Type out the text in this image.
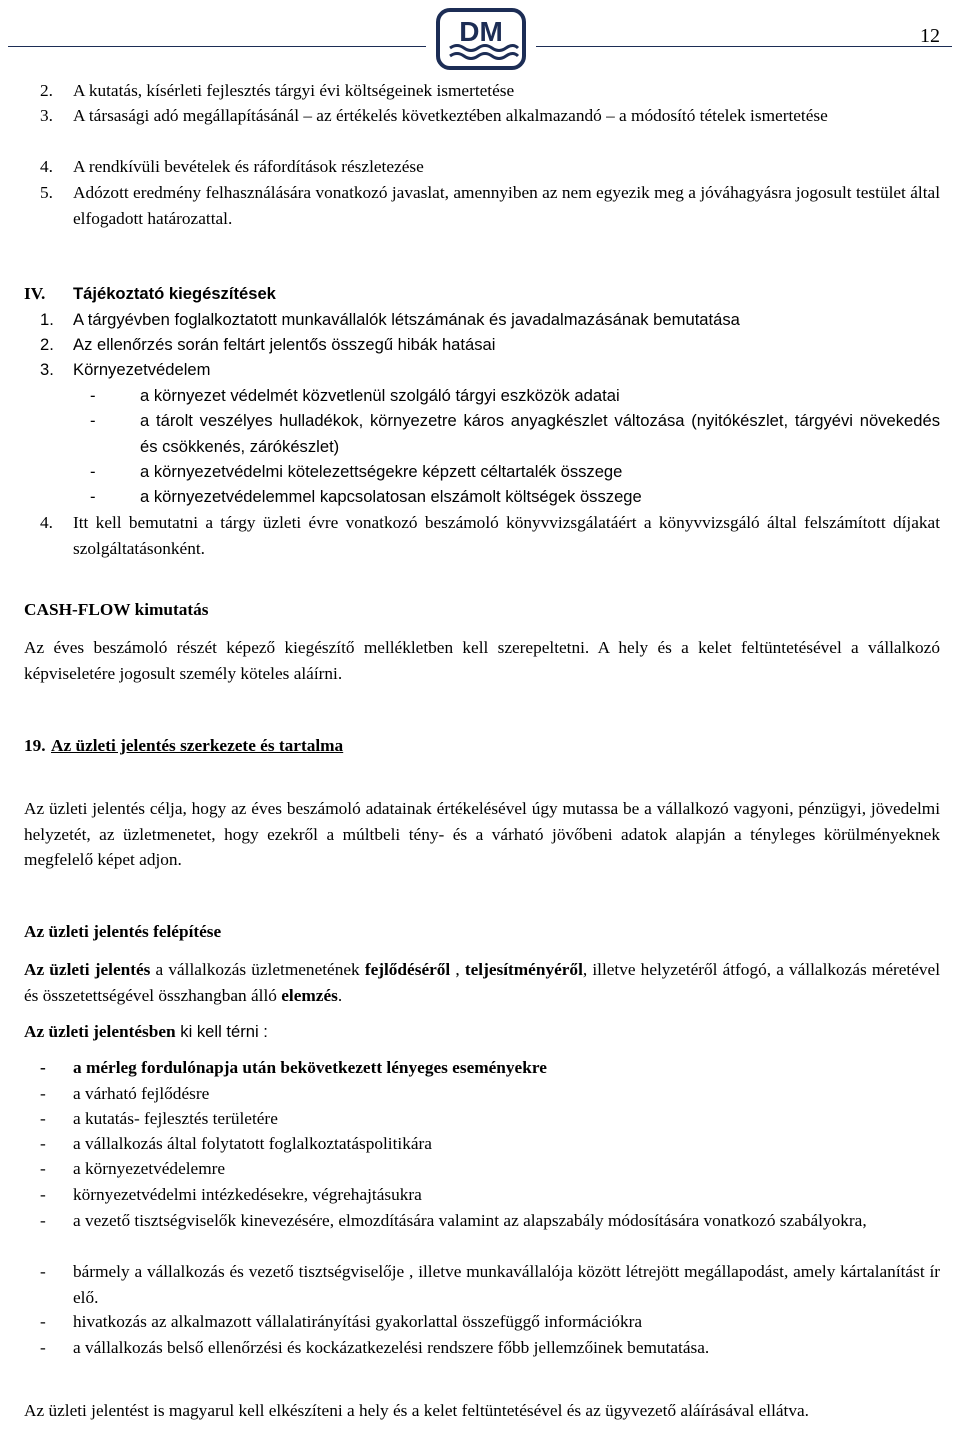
DM	12
2. A kutatás, kísérleti fejlesztés tárgyi évi költségeinek ismertetése
3. A társasági adó megállapításánál – az értékelés következtében alkalmazandó – a módosító tételek ismertetése
4. A rendkívüli bevételek és ráfordítások részletezése
5. Adózott eredmény felhasználására vonatkozó javaslat, amennyiben az nem egyezik meg a jóváhagyásra jogosult testület által elfogadott határozattal.
IV. Tájékoztató kiegészítések
1. A tárgyévben foglalkoztatott munkavállalók létszámának és javadalmazásának bemutatása
2. Az ellenőrzés során feltárt jelentős összegű hibák hatásai
3. Környezetvédelem
-	a környezet védelmét közvetlenül szolgáló tárgyi eszközök adatai
-	a tárolt veszélyes hulladékok, környezetre káros anyagkészlet változása (nyitókészlet, tárgyévi növekedés és csökkenés, zárókészlet)
-	a környezetvédelmi kötelezettségekre képzett céltartalék összege
-	a környezetvédelemmel kapcsolatosan elszámolt költségek összege
4. Itt kell bemutatni a tárgy üzleti évre vonatkozó beszámoló könyvvizsgálatáért a könyvvizsgáló által felszámított díjakat szolgáltatásonként.
CASH-FLOW kimutatás
Az éves beszámoló részét képező kiegészítő mellékletben kell szerepeltetni. A hely és a kelet feltüntetésével a vállalkozó képviseletére jogosult személy köteles aláírni.
19. Az üzleti jelentés szerkezete és tartalma
Az üzleti jelentés célja, hogy az éves beszámoló adatainak értékelésével úgy mutassa be a vállalkozó vagyoni, pénzügyi, jövedelmi helyzetét, az üzletmenetet, hogy ezekről a múltbeli tény- és a várható jövőbeni adatok alapján a tényleges körülményeknek megfelelő képet adjon.
Az üzleti jelentés felépítése
Az üzleti jelentés a vállalkozás üzletmenetének fejlődéséről , teljesítményéről, illetve helyzetéről átfogó, a vállalkozás méretével és összetettségével összhangban álló elemzés.
Az üzleti jelentésben ki kell térni :
- a mérleg fordulónapja után bekövetkezett lényeges eseményekre
- a várható fejlődésre
- a kutatás- fejlesztés területére
- a vállalkozás által folytatott foglalkoztatáspolitikára
- a környezetvédelemre
- környezetvédelmi intézkedésekre, végrehajtásukra
- a vezető tisztségviselők kinevezésére, elmozdítására valamint az alapszabály módosítására vonatkozó szabályokra,
- bármely a vállalkozás és vezető tisztségviselője , illetve munkavállalója között létrejött megállapodást, amely kártalanítást ír elő.
- hivatkozás az alkalmazott vállalatirányítási gyakorlattal összefüggő információkra
- a vállalkozás belső ellenőrzési és kockázatkezelési rendszere főbb jellemzőinek bemutatása.
Az üzleti jelentést is magyarul kell elkészíteni a hely és a kelet feltüntetésével és az ügyvezető aláírásával ellátva.
